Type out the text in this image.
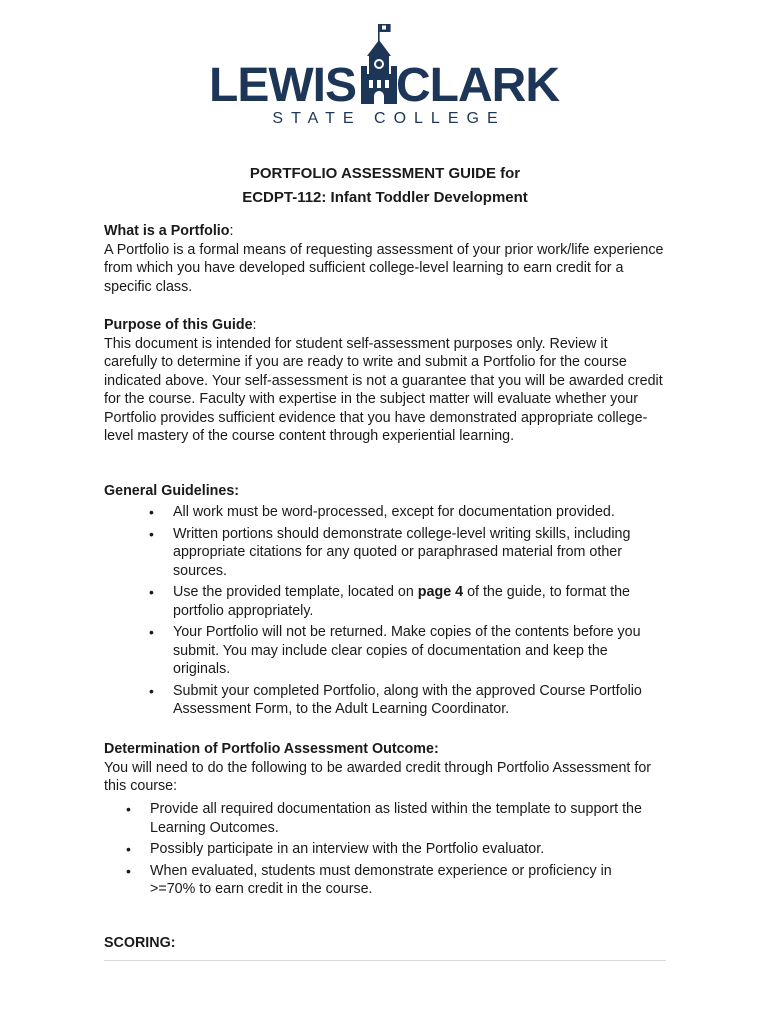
LEWIS CLARK
STATE COLLEGE
PORTFOLIO ASSESSMENT GUIDE for
ECDPT-112: Infant Toddler Development
What is a Portfolio:
A Portfolio is a formal means of requesting assessment of your prior work/life experience from which you have developed sufficient college-level learning to earn credit for a specific class.
Purpose of this Guide:
This document is intended for student self-assessment purposes only. Review it carefully to determine if you are ready to write and submit a Portfolio for the course indicated above. Your self-assessment is not a guarantee that you will be awarded credit for the course. Faculty with expertise in the subject matter will evaluate whether your Portfolio provides sufficient evidence that you have demonstrated appropriate college-level mastery of the course content through experiential learning.
General Guidelines:
• All work must be word-processed, except for documentation provided.
• Written portions should demonstrate college-level writing skills, including appropriate citations for any quoted or paraphrased material from other sources.
• Use the provided template, located on page 4 of the guide, to format the portfolio appropriately.
• Your Portfolio will not be returned. Make copies of the contents before you submit. You may include clear copies of documentation and keep the originals.
• Submit your completed Portfolio, along with the approved Course Portfolio Assessment Form, to the Adult Learning Coordinator.
Determination of Portfolio Assessment Outcome:
You will need to do the following to be awarded credit through Portfolio Assessment for this course:
• Provide all required documentation as listed within the template to support the Learning Outcomes.
• Possibly participate in an interview with the Portfolio evaluator.
• When evaluated, students must demonstrate experience or proficiency in >=70% to earn credit in the course.
SCORING:
